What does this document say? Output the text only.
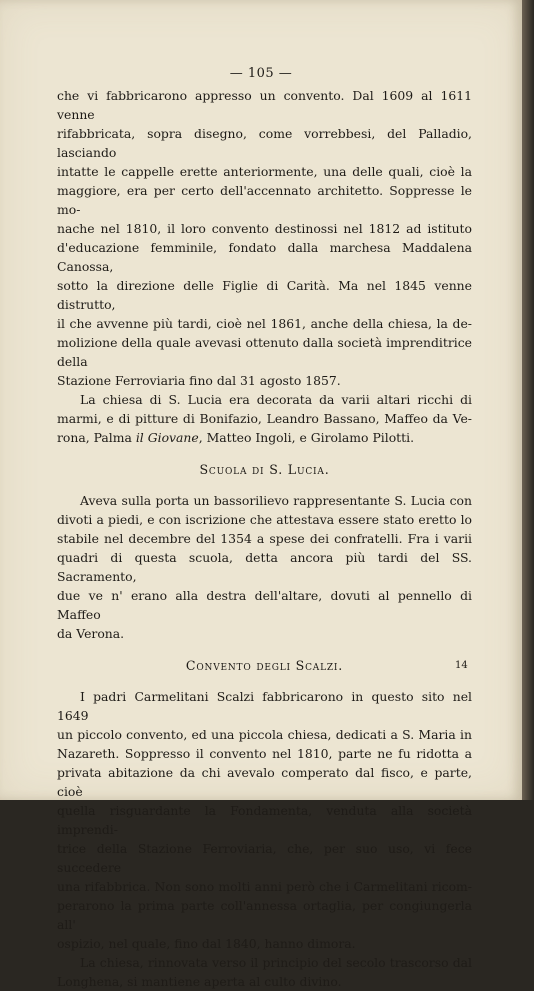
— 105 —

che vi fabbricarono appresso un convento. Dal 1609 al 1611 venne

rifabbricata, sopra disegno, come vorrebbesi, del Palladio, lasciando

intatte le cappelle erette anteriormente, una delle quali, cioè la

maggiore, era per certo dell'accennato architetto. Soppresse le mo-

nache nel 1810, il loro convento destinossi nel 1812 ad istituto

d'educazione femminile, fondato dalla marchesa Maddalena Canossa,

sotto la direzione delle Figlie di Carità. Ma nel 1845 venne distrutto,

il che avvenne più tardi, cioè nel 1861, anche della chiesa, la de-

molizione della quale avevasi ottenuto dalla società imprenditrice della

Stazione Ferroviaria fino dal 31 agosto 1857.

La chiesa di S. Lucia era decorata da varii altari ricchi di

marmi, e di pitture di Bonifazio, Leandro Bassano, Maffeo da Ve-

rona, Palma il Giovane, Matteo Ingoli, e Girolamo Pilotti.

Scuola di S. Lucia.

Aveva sulla porta un bassorilievo rappresentante S. Lucia con

divoti a piedi, e con iscrizione che attestava essere stato eretto lo

stabile nel decembre del 1354 a spese dei confratelli. Fra i varii

quadri di questa scuola, detta ancora più tardi del SS. Sacramento,

due ve n' erano alla destra dell'altare, dovuti al pennello di Maffeo

da Verona.

Convento degli Scalzi.

I padri Carmelitani Scalzi fabbricarono in questo sito nel 1649

un piccolo convento, ed una piccola chiesa, dedicati a S. Maria in

Nazareth. Soppresso il convento nel 1810, parte ne fu ridotta a

privata abitazione da chi avevalo comperato dal fisco, e parte, cioè

quella risguardante la Fondamenta, venduta alla società imprendi-

trice della Stazione Ferroviaria, che, per suo uso, vi fece succedere

una rifabbrica. Non sono molti anni però che i Carmelitani ricom-

perarono la prima parte coll'annessa ortaglia, per congiungerla all'

ospizio, nel quale, fino dal 1840, hanno dimora.

La chiesa, rinnovata verso il principio del secolo trascorso dal

Longhena, si mantiene aperta al culto divino.

14
